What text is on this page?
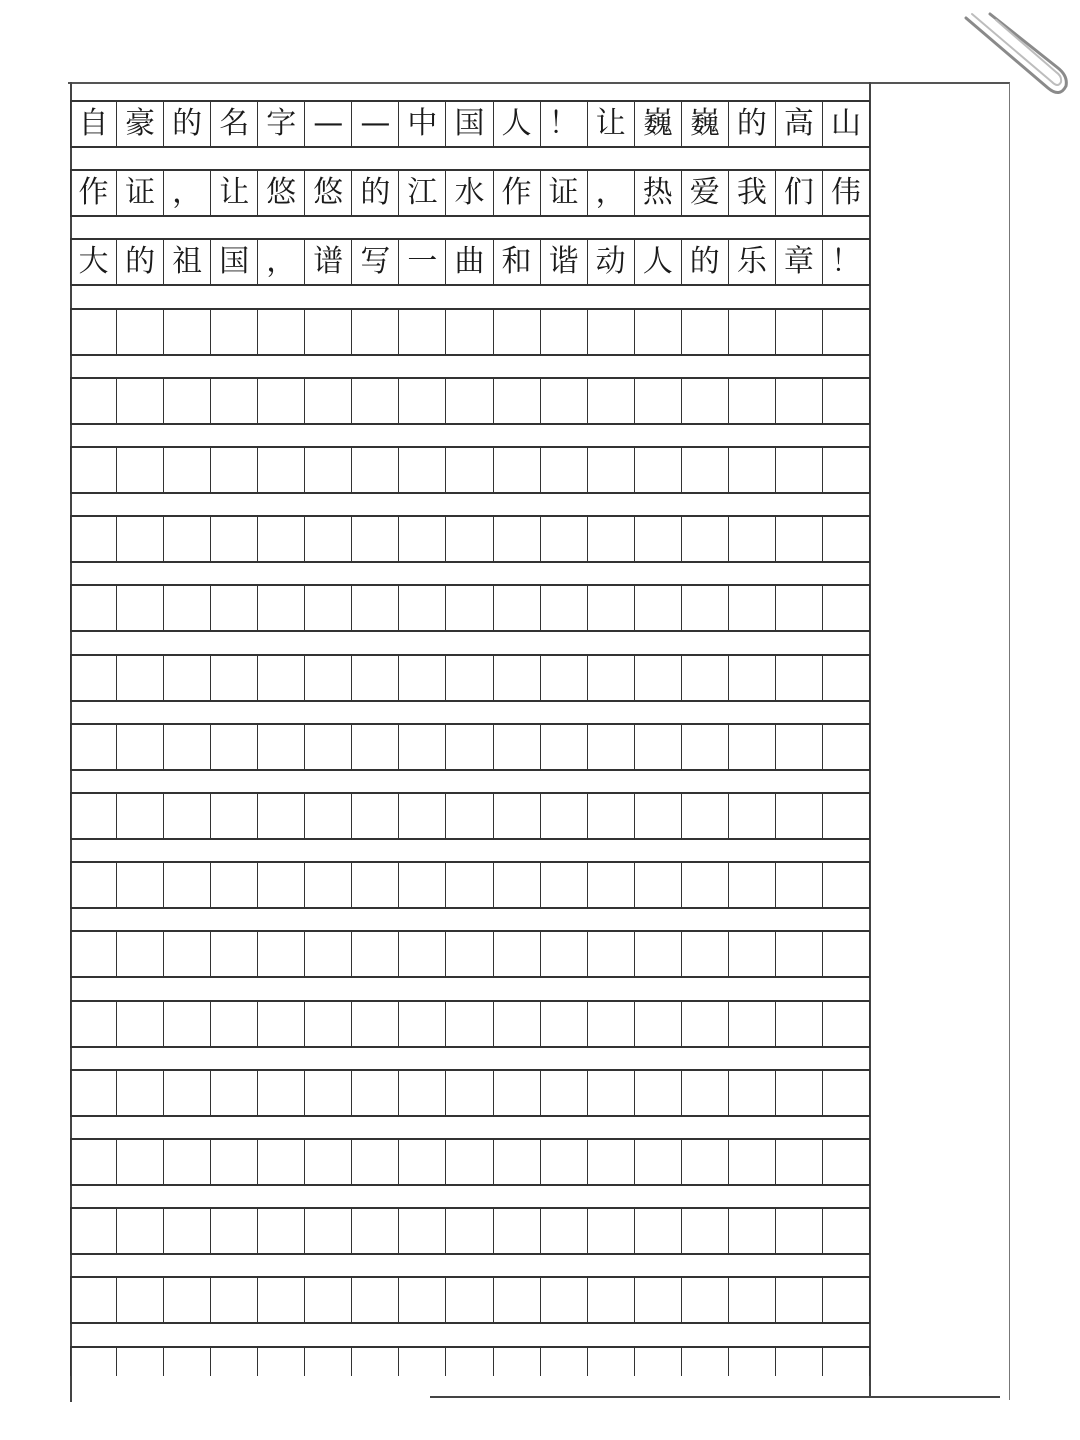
自 豪 的 名 字 — — 中 国 人 ！ 让 巍 巍 的 高 山
作 证 ， 让 悠 悠 的 江 水 作 证 ， 热 爱 我 们 伟
大 的 祖 国 ， 谱 写 一 曲 和 谐 动 人 的 乐 章 ！
